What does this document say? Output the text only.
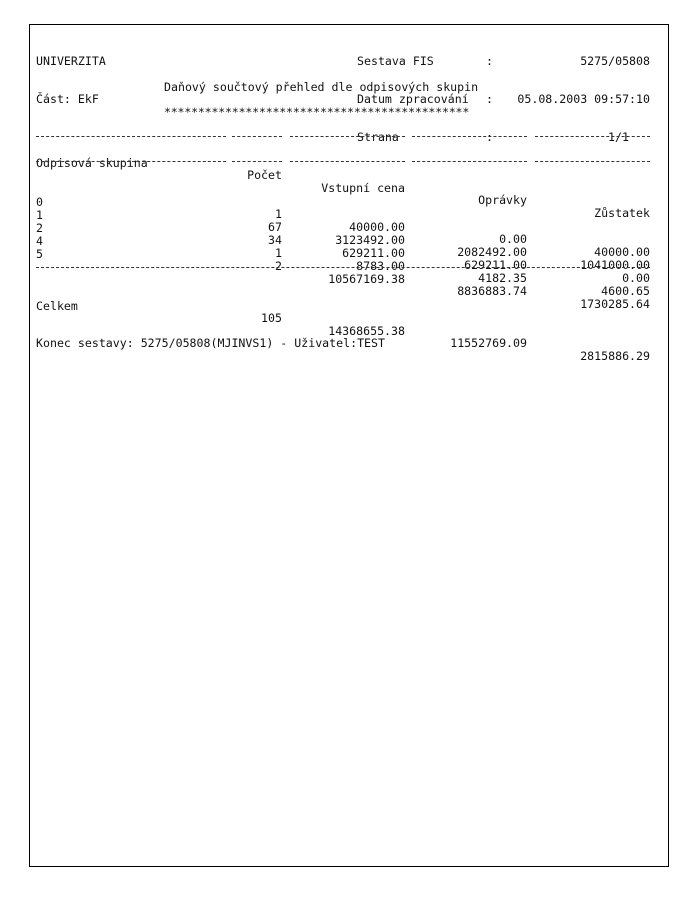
UNIVERZITA

Část: EkF

Sestava FIS

Datum zpracování

Strana

:

:

:

5275/05808

05.08.2003 09:57:10

1/1

Daňový součtový přehled dle odpisových skupin
*********************************************

Odpisová skupina

Počet

Vstupní cena

Oprávky

Zůstatek

0

1

40000.00

0.00

40000.00

1

67

3123492.00

2082492.00

1041000.00

2

34

629211.00

629211.00

0.00

4

1

8783.00

4182.35

4600.65

5

2

10567169.38

8836883.74

1730285.64

Celkem

105

14368655.38

11552769.09

2815886.29

Konec sestavy: 5275/05808(MJINVS1) - Uživatel:TEST
